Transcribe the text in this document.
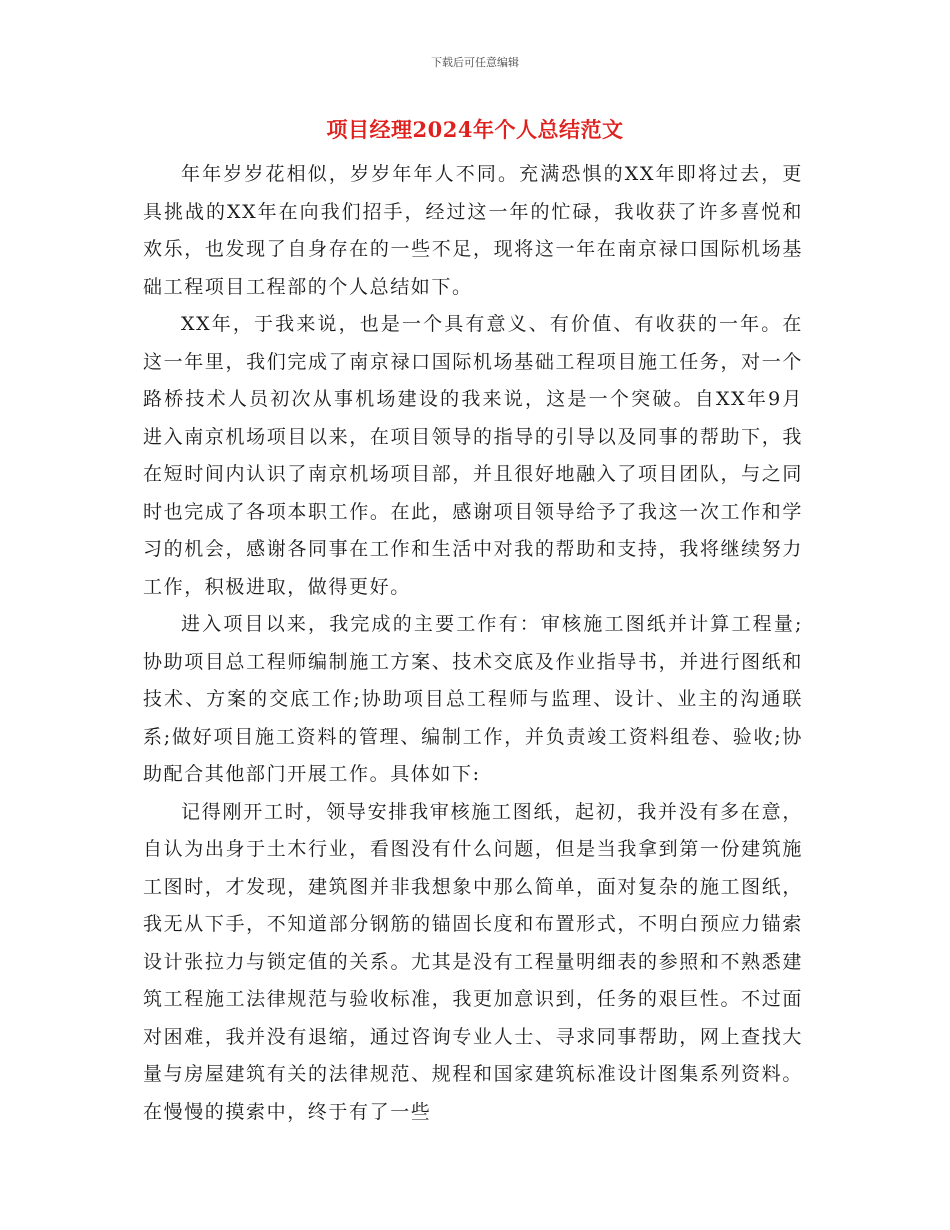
下载后可任意编辑
项目经理2024年个人总结范文

年年岁岁花相似，岁岁年年人不同。充满恐惧的XX年即将过去，更具挑战的XX年在向我们招手，经过这一年的忙碌，我收获了许多喜悦和欢乐，也发现了自身存在的一些不足，现将这一年在南京禄口国际机场基础工程项目工程部的个人总结如下。

XX年，于我来说，也是一个具有意义、有价值、有收获的一年。在这一年里，我们完成了南京禄口国际机场基础工程项目施工任务，对一个路桥技术人员初次从事机场建设的我来说，这是一个突破。自XX年9月进入南京机场项目以来，在项目领导的指导的引导以及同事的帮助下，我在短时间内认识了南京机场项目部，并且很好地融入了项目团队，与之同时也完成了各项本职工作。在此，感谢项目领导给予了我这一次工作和学习的机会，感谢各同事在工作和生活中对我的帮助和支持，我将继续努力工作，积极进取，做得更好。

进入项目以来，我完成的主要工作有：审核施工图纸并计算工程量;协助项目总工程师编制施工方案、技术交底及作业指导书，并进行图纸和技术、方案的交底工作;协助项目总工程师与监理、设计、业主的沟通联系;做好项目施工资料的管理、编制工作，并负责竣工资料组卷、验收;协助配合其他部门开展工作。具体如下:

记得刚开工时，领导安排我审核施工图纸，起初，我并没有多在意，自认为出身于土木行业，看图没有什么问题，但是当我拿到第一份建筑施工图时，才发现，建筑图并非我想象中那么简单，面对复杂的施工图纸，我无从下手，不知道部分钢筋的锚固长度和布置形式，不明白预应力锚索设计张拉力与锁定值的关系。尤其是没有工程量明细表的参照和不熟悉建筑工程施工法律规范与验收标准，我更加意识到，任务的艰巨性。不过面对困难，我并没有退缩，通过咨询专业人士、寻求同事帮助，网上查找大量与房屋建筑有关的法律规范、规程和国家建筑标准设计图集系列资料。在慢慢的摸索中，终于有了一些
